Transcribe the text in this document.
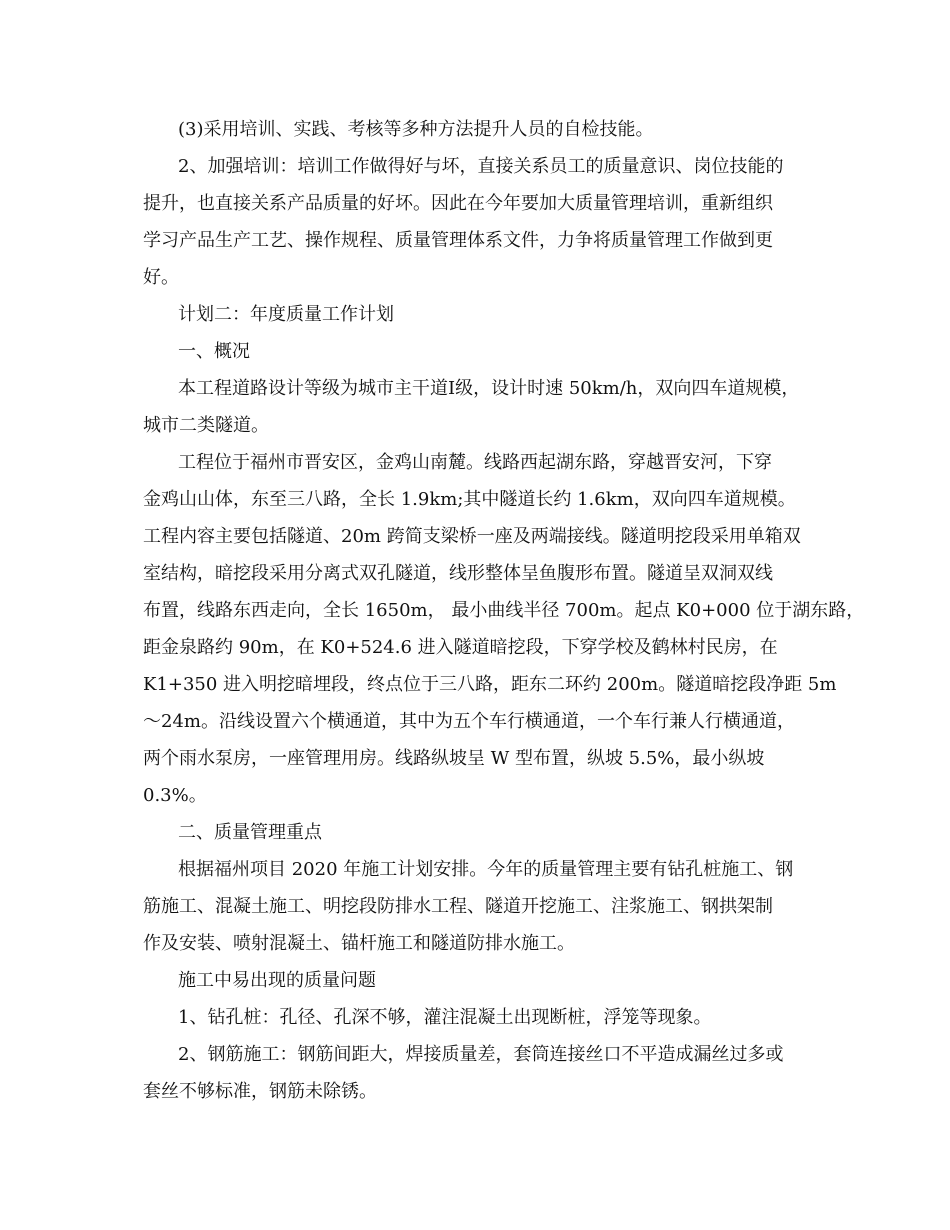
(3)采用培训、实践、考核等多种方法提升人员的自检技能。
2、加强培训：培训工作做得好与坏，直接关系员工的质量意识、岗位技能的
提升，也直接关系产品质量的好坏。因此在今年要加大质量管理培训，重新组织
学习产品生产工艺、操作规程、质量管理体系文件，力争将质量管理工作做到更
好。
计划二：年度质量工作计划
一、概况
本工程道路设计等级为城市主干道Ⅰ级，设计时速 50km/h，双向四车道规模，
城市二类隧道。
工程位于福州市晋安区，金鸡山南麓。线路西起湖东路，穿越晋安河，下穿
金鸡山山体，东至三八路，全长 1.9km;其中隧道长约 1.6km，双向四车道规模。
工程内容主要包括隧道、20m 跨简支梁桥一座及两端接线。隧道明挖段采用单箱双
室结构，暗挖段采用分离式双孔隧道，线形整体呈鱼腹形布置。隧道呈双洞双线
布置，线路东西走向，全长 1650m， 最小曲线半径 700m。起点 K0+000 位于湖东路，
距金泉路约 90m，在 K0+524.6 进入隧道暗挖段，下穿学校及鹤林村民房，在
K1+350 进入明挖暗埋段，终点位于三八路，距东二环约 200m。隧道暗挖段净距 5m
～24m。沿线设置六个横通道，其中为五个车行横通道，一个车行兼人行横通道，
两个雨水泵房，一座管理用房。线路纵坡呈 W 型布置，纵坡 5.5%，最小纵坡
0.3%。
二、质量管理重点
根据福州项目 2020 年施工计划安排。今年的质量管理主要有钻孔桩施工、钢
筋施工、混凝土施工、明挖段防排水工程、隧道开挖施工、注浆施工、钢拱架制
作及安装、喷射混凝土、锚杆施工和隧道防排水施工。
施工中易出现的质量问题
1、钻孔桩：孔径、孔深不够，灌注混凝土出现断桩，浮笼等现象。
2、钢筋施工：钢筋间距大，焊接质量差，套筒连接丝口不平造成漏丝过多或
套丝不够标准，钢筋未除锈。
